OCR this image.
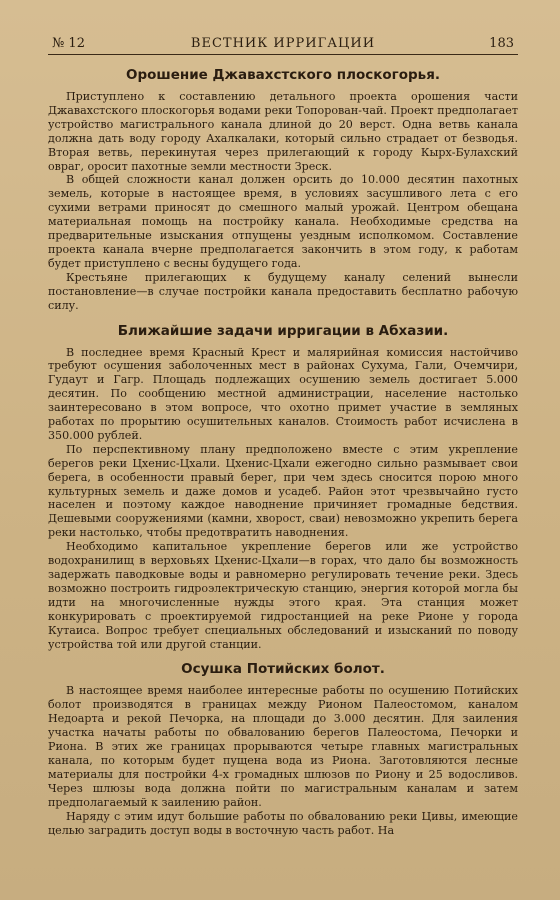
№ 12	ВЕСТНИК ИРРИГАЦИИ	183
Орошение Джавахстского плоскогорья.

Приступлено к составлению детального проекта орошения части Джавахстского плоскогорья водами реки Топорован-чай. Проект предполагает устройство магистрального канала длиной до 20 верст. Одна ветвь канала должна дать воду городу Ахалкалаки, который сильно страдает от безводья. Вторая ветвь, перекинутая через прилегающий к городу Кырх-Булахский овраг, оросит пахотные земли местности Зреск.

В общей сложности канал должен орсить до 10.000 десятин пахотных земель, которые в настоящее время, в условиях засушливого лета с его сухими ветрами приносят до смешного малый урожай. Центром обещана материальная помощь на постройку канала. Необходимые средства на предварительные изыскания отпущены уездным исполкомом. Составление проекта канала вчерне предполагается закончить в этом году, к работам будет приступлено с весны будущего года.

Крестьяне прилегающих к будущему каналу селений вынесли постановление—в случае постройки канала предоставить бесплатно рабочую силу.

Ближайшие задачи ирригации в Абхазии.

В последнее время Красный Крест и малярийная комиссия настойчиво требуют осушения заболоченных мест в районах Сухума, Гали, Очемчири, Гудаут и Гагр. Площадь подлежащих осушению земель достигает 5.000 десятин. По сообщению местной администрации, население настолько заинтересовано в этом вопросе, что охотно примет участие в земляных работах по прорытию осушительных каналов. Стоимость работ исчислена в 350.000 рублей.

По перспективному плану предположено вместе с этим укрепление берегов реки Цхенис-Цхали. Цхенис-Цхали ежегодно сильно размывает свои берега, в особенности правый берег, при чем здесь сносится порою много культурных земель и даже домов и усадеб. Район этот чрезвычайно густо населен и поэтому каждое наводнение причиняет громадные бедствия. Дешевыми сооружениями (камни, хворост, сваи) невозможно укрепить берега реки настолько, чтобы предотвратить наводнения.

Необходимо капитальное укрепление берегов или же устройство водохранилищ в верховьях Цхенис-Цхали—в горах, что дало бы возможность задержать паводковые воды и равномерно регулировать течение реки. Здесь возможно построить гидроэлектрическую станцию, энергия которой могла бы идти на многочисленные нужды этого края. Эта станция может конкурировать с проектируемой гидростанцией на реке Рионе у города Кутаиса. Вопрос требует специальных обследований и изысканий по поводу устройства той или другой станции.

Осушка Потийских болот.

В настоящее время наиболее интересные работы по осушению Потийских болот производятся в границах между Рионом Палеостомом, каналом Недоарта и рекой Печорка, на площади до 3.000 десятин. Для заиления участка начаты работы по обвалованию берегов Палеостома, Печорки и Риона. В этих же границах прорываются четыре главных магистральных канала, по которым будет пущена вода из Риона. Заготовляются лесные материалы для постройки 4-х громадных шлюзов по Риону и 25 водосливов. Через шлюзы вода должна пойти по магистральным каналам и затем предполагаемый к заилению район.

Наряду с этим идут большие работы по обвалованию реки Цивы, имеющие целью заградить доступ воды в восточную часть работ. На
